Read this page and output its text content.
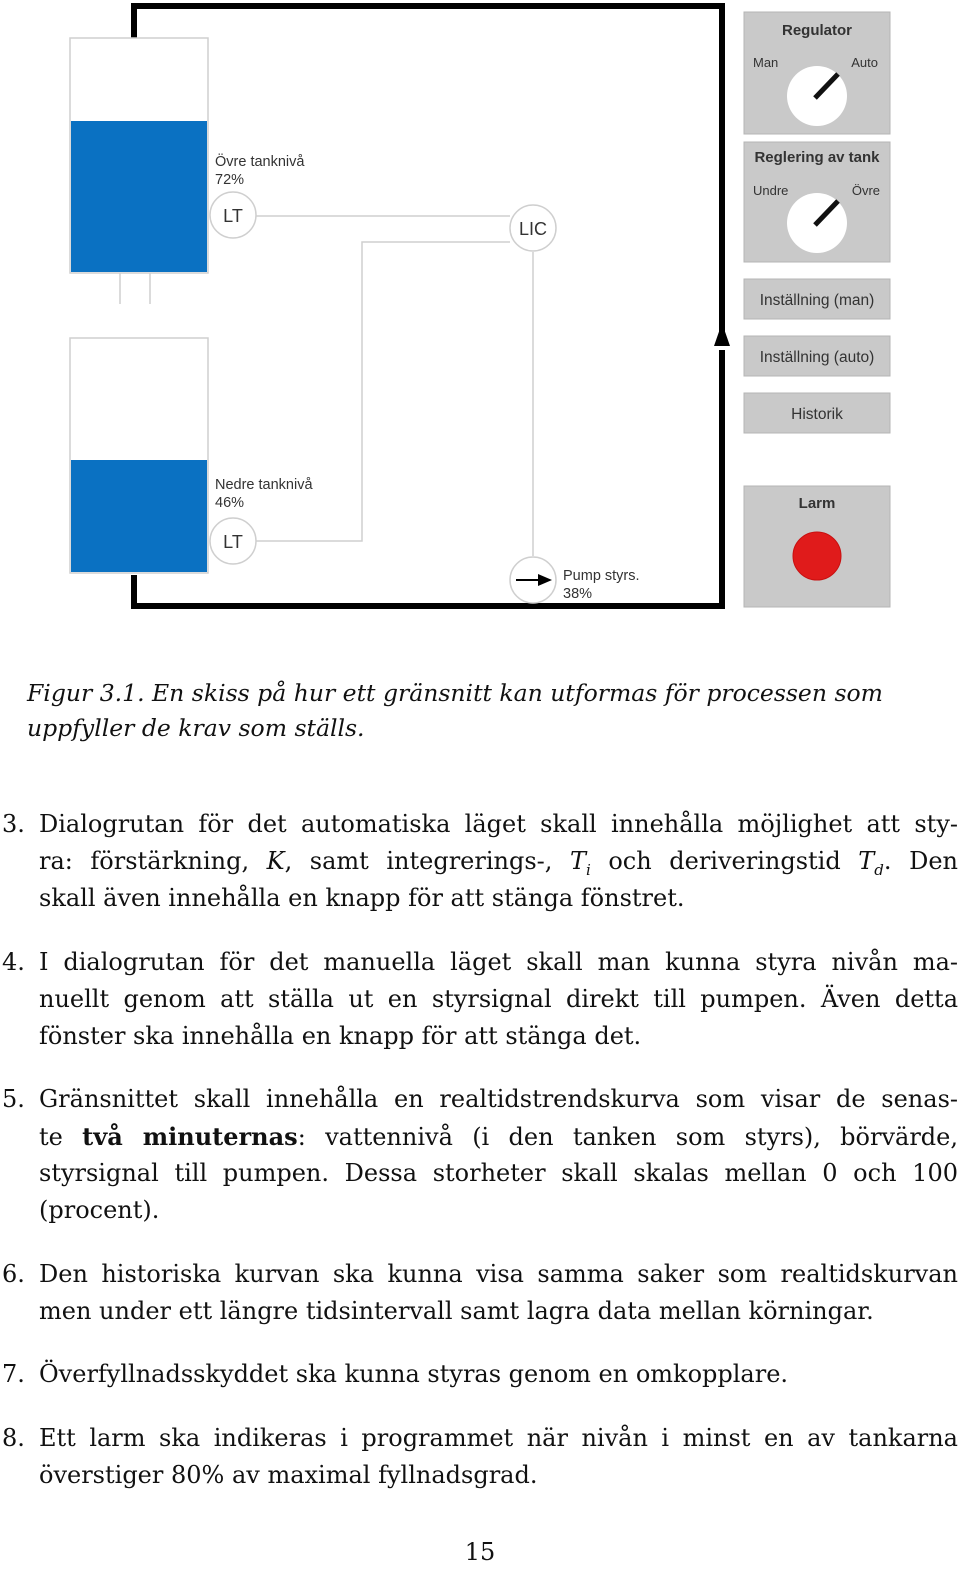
Övre tanknivå
72%
LT
LIC
Nedre tanknivå
46%
LT
Pump styrs.
38%
Regulator
Man	Auto
Reglering av tank
Undre	Övre
Inställning (man)
Inställning (auto)
Historik
Larm

Figur 3.1. En skiss på hur ett gränsnitt kan utformas för processen som
uppfyller de krav som ställs.

3. Dialogrutan för det automatiska läget skall innehålla möjlighet att sty-
ra: förstärkning, K, samt integrerings-, $T_i$ och deriveringstid $T_d$. Den
skall även innehålla en knapp för att stänga fönstret.
4. I dialogrutan för det manuella läget skall man kunna styra nivån ma-
nuellt genom att ställa ut en styrsignal direkt till pumpen. Även detta
fönster ska innehålla en knapp för att stänga det.
5. Gränsnittet skall innehålla en realtidstrendskurva som visar de senas-
te två minuternas: vattennivå (i den tanken som styrs), börvärde,
styrsignal till pumpen. Dessa storheter skall skalas mellan 0 och 100
(procent).
6. Den historiska kurvan ska kunna visa samma saker som realtidskurvan
men under ett längre tidsintervall samt lagra data mellan körningar.
7. Överfyllnadsskyddet ska kunna styras genom en omkopplare.
8. Ett larm ska indikeras i programmet när nivån i minst en av tankarna
överstiger 80% av maximal fyllnadsgrad.
15
